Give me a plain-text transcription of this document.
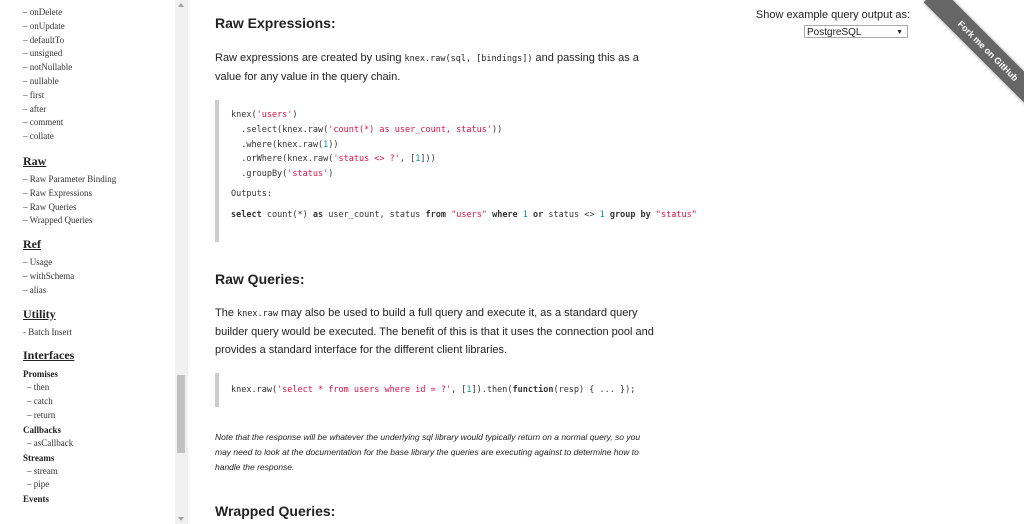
– onDelete
– onUpdate
– defaultTo
– unsigned
– notNullable
– nullable
– first
– after
– comment
– collate
Raw
– Raw Parameter Binding
– Raw Expressions
– Raw Queries
– Wrapped Queries
Ref
– Usage
– withSchema
– alias
Utility
- Batch Insert
Interfaces
Promises
– then
– catch
– return
Callbacks
– asCallback
Streams
– stream
– pipe
Events
Raw Expressions:

Raw expressions are created by using knex.raw(sql, [bindings]) and passing this as a value for any value in the query chain.

knex('users')
.select(knex.raw('count(*) as user_count, status'))
.where(knex.raw(1))
.orWhere(knex.raw('status <> ?', [1]))
.groupBy('status')

Outputs:
select count(*) as user_count, status from "users" where 1 or status <> 1 group by "status"
Raw Queries:

The knex.raw may also be used to build a full query and execute it, as a standard query builder query would be executed. The benefit of this is that it uses the connection pool and provides a standard interface for the different client libraries.

knex.raw('select * from users where id = ?', [1]).then(function(resp) { ... });
Note that the response will be whatever the underlying sql library would typically return on a normal query, so you may need to look at the documentation for the base library the queries are executing against to determine how to handle the response.
Wrapped Queries:
Show example query output as:
PostgreSQL	▼	Fork me on GitHub
